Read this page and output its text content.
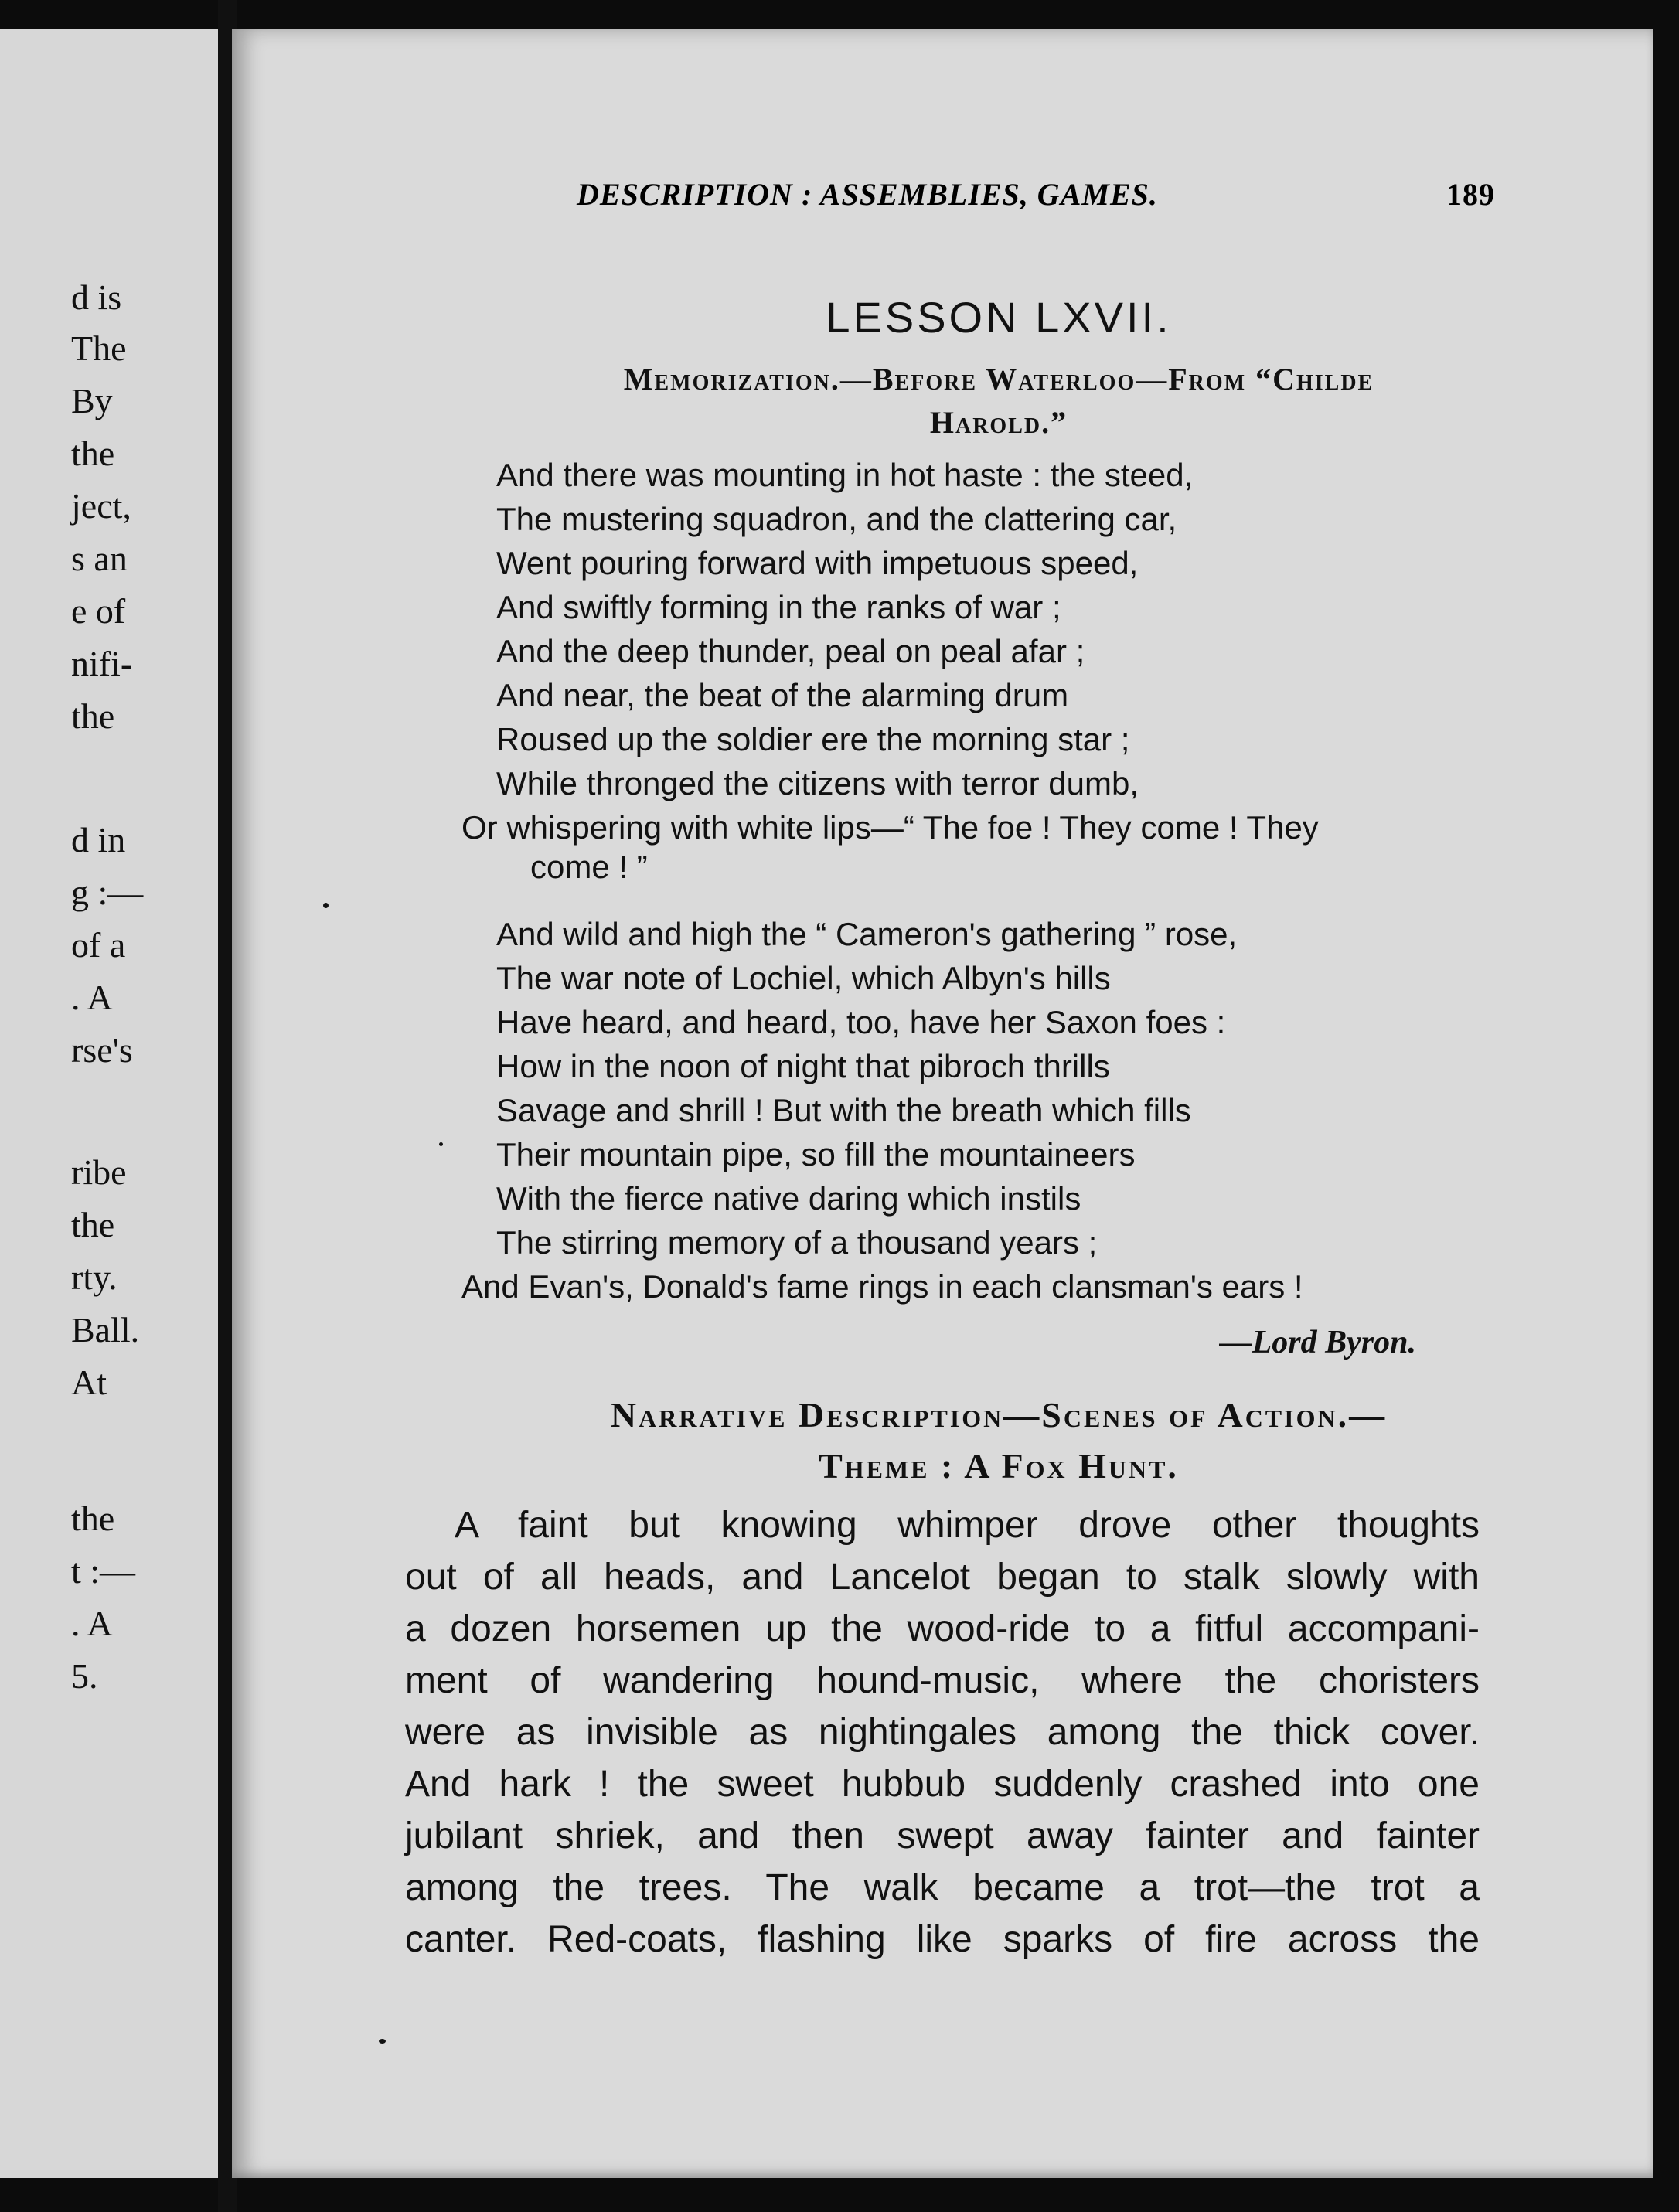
d is
The
By
the
ject,
s an
e of
nifi-
the
d in
g :—
of a
. A
rse's
ribe
the
rty.
Ball.
At
the
t :—
. A
5.
DESCRIPTION : ASSEMBLIES, GAMES.	189
LESSON LXVII.
Memorization.—Before Waterloo—From “Childe
Harold.”
And there was mounting in hot haste : the steed,
The mustering squadron, and the clattering car,
Went pouring forward with impetuous speed,
And swiftly forming in the ranks of war ;
And the deep thunder, peal on peal afar ;
And near, the beat of the alarming drum
Roused up the soldier ere the morning star ;
While thronged the citizens with terror dumb,
Or whispering with white lips—“ The foe ! They come ! They
come ! ”
And wild and high the “ Cameron's gathering ” rose,
The war note of Lochiel, which Albyn's hills
Have heard, and heard, too, have her Saxon foes :
How in the noon of night that pibroch thrills
Savage and shrill ! But with the breath which fills
Their mountain pipe, so fill the mountaineers
With the fierce native daring which instils
The stirring memory of a thousand years ;
And Evan's, Donald's fame rings in each clansman's ears !
—Lord Byron.
Narrative Description—Scenes of Action.—
Theme : A Fox Hunt.
A faint but knowing whimper drove other thoughts
out of all heads, and Lancelot began to stalk slowly with
a dozen horsemen up the wood-ride to a fitful accompani-
ment of wandering hound-music, where the choristers
were as invisible as nightingales among the thick cover.
And hark ! the sweet hubbub suddenly crashed into one
jubilant shriek, and then swept away fainter and fainter
among the trees. The walk became a trot—the trot a
canter. Red-coats, flashing like sparks of fire across the
